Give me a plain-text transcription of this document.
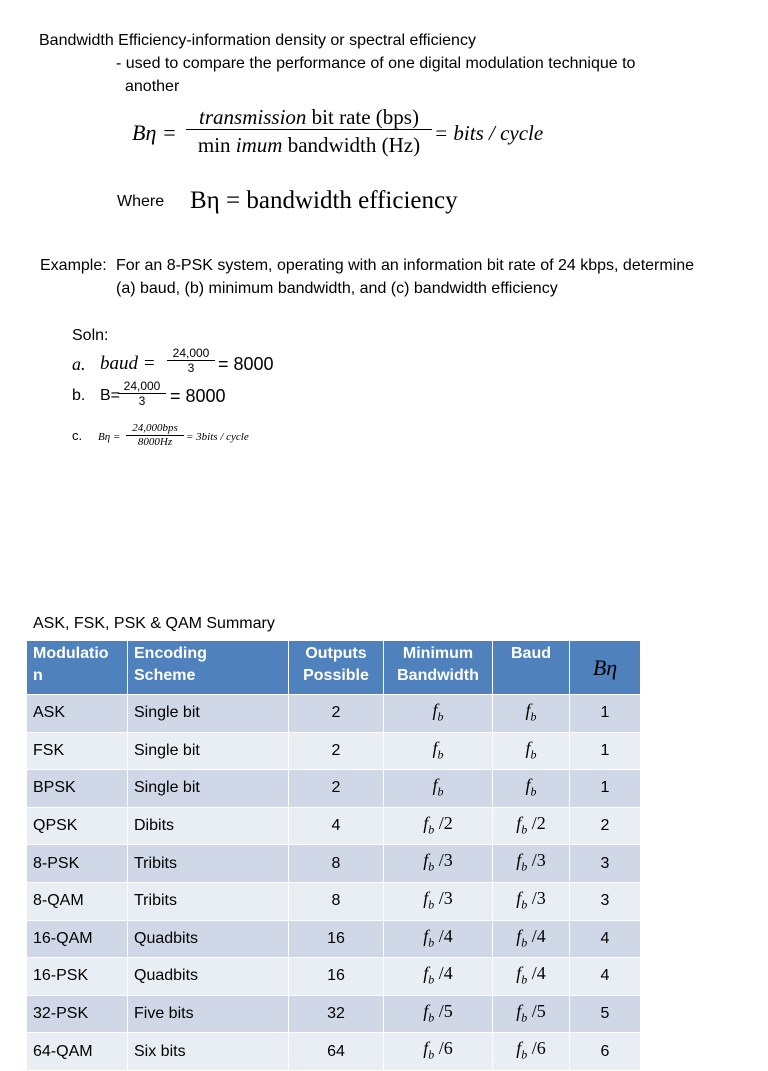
Bandwidth Efficiency-information density or spectral efficiency
- used to compare the performance of one digital modulation technique to
another
Bη =
transmission bit rate (bps)
min imum bandwidth (Hz) = bits / cycle
Where Bη = bandwidth efficiency
Example: For an 8-PSK system, operating with an information bit rate of 24 kbps, determine
(a) baud, (b) minimum bandwidth, and (c) bandwidth efficiency
Soln:
a. baud =	24,000
3	= 8000
b. B=
24,000
3	= 8000
c. Bη =
24,000bps
8000Hz	= 3bits / cycle
ASK, FSK, PSK & QAM Summary
Modulatio
n	Encoding
Scheme	Outputs
Possible	Minimum
Bandwidth	Baud	Bη
ASK	Single bit	2	$f_b$	$f_b$	1
FSK	Single bit	2	$f_b$	$f_b$	1
BPSK	Single bit	2	$f_b$	$f_b$	1
QPSK	Dibits	4	$f_b$ /2	$f_b$ /2	2
8-PSK	Tribits	8	$f_b$ /3	$f_b$ /3	3
8-QAM	Tribits	8	$f_b$ /3	$f_b$ /3	3
16-QAM	Quadbits	16	$f_b$ /4	$f_b$ /4	4
16-PSK	Quadbits	16	$f_b$ /4	$f_b$ /4	4
32-PSK	Five bits	32	$f_b$ /5	$f_b$ /5	5
64-QAM	Six bits	64	$f_b$ /6	$f_b$ /6	6
